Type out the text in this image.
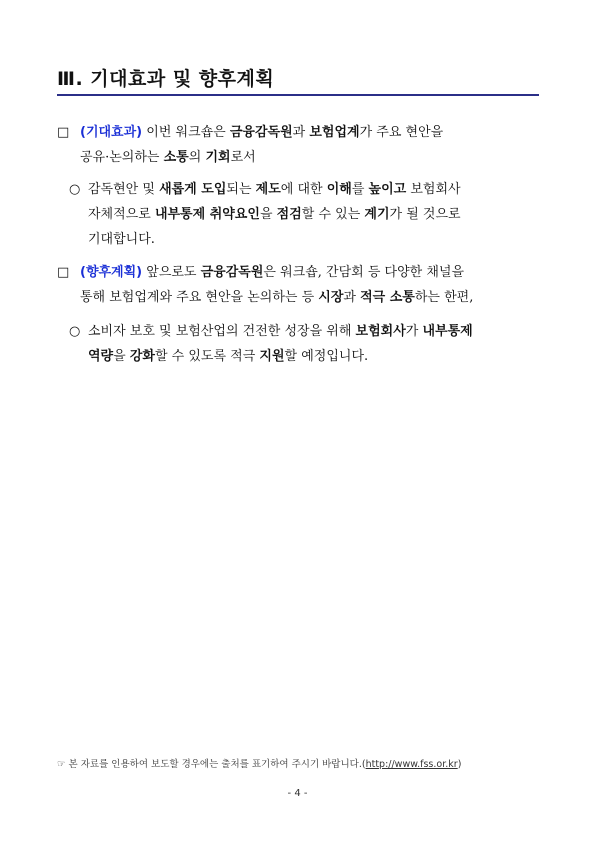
Ⅲ. 기대효과 및 향후계획
□ (기대효과) 이번 워크숍은 금융감독원과 보험업계가 주요 현안을
공유·논의하는 소통의 기회로서
○ 감독현안 및 새롭게 도입되는 제도에 대한 이해를 높이고 보험회사
자체적으로 내부통제 취약요인을 점검할 수 있는 계기가 될 것으로
기대합니다.
□ (향후계획) 앞으로도 금융감독원은 워크숍, 간담회 등 다양한 채널을
통해 보험업계와 주요 현안을 논의하는 등 시장과 적극 소통하는 한편,
○ 소비자 보호 및 보험산업의 건전한 성장을 위해 보험회사가 내부통제
역량을 강화할 수 있도록 적극 지원할 예정입니다.
☞ 본 자료를 인용하여 보도할 경우에는 출처를 표기하여 주시기 바랍니다.(http://www.fss.or.kr)
- 4 -
